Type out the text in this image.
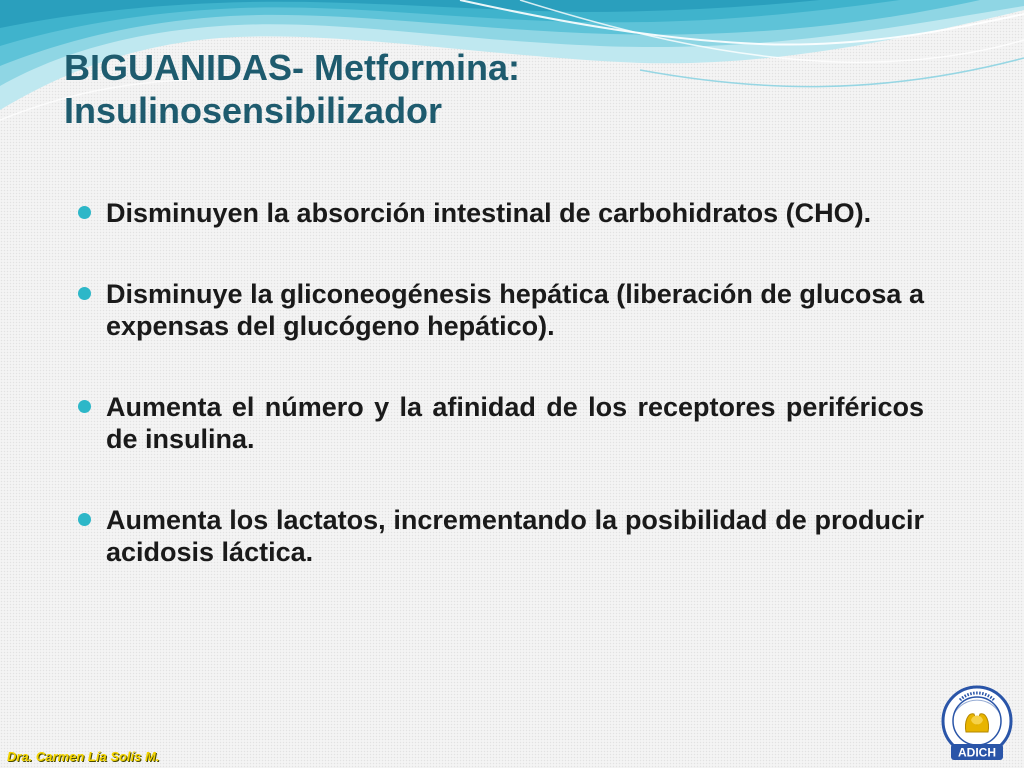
BIGUANIDAS- Metformina:
Insulinosensibilizador
Disminuyen la absorción intestinal de carbohidratos (CHO).
Disminuye la gliconeogénesis hepática (liberación de glucosa a expensas del glucógeno hepático).
Aumenta el número y la afinidad de los receptores periféricos de insulina.
Aumenta los lactatos, incrementando la posibilidad de producir acidosis láctica.
Dra. Carmen Lía Solís M.	ADICH
